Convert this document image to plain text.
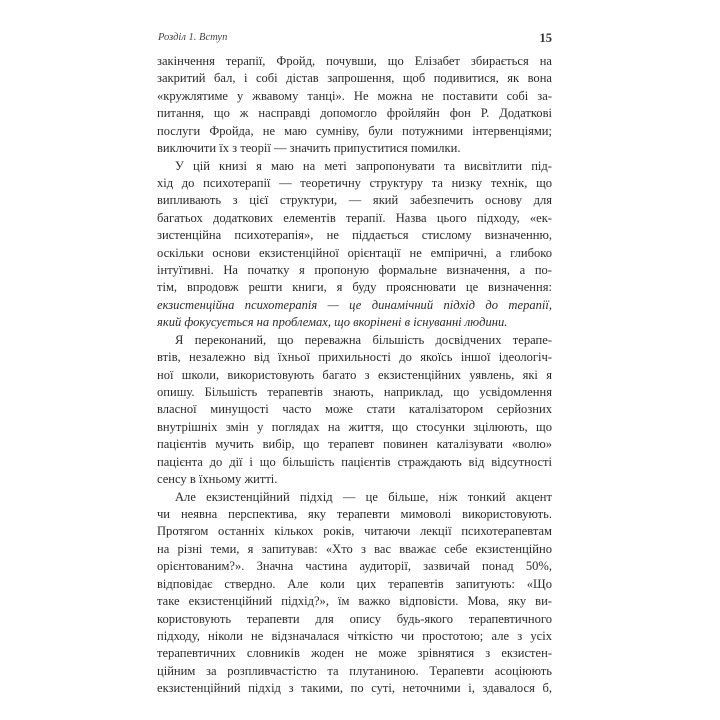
Розділ 1. Вступ	15
закінчення терапії, Фройд, почувши, що Елізабет збирається на
закритий бал, і собі дістав запрошення, щоб подивитися, як вона
«кружлятиме у жвавому танці». Не можна не поставити собі за-
питання, що ж насправді допомогло фройляйн фон Р. Додаткові
послуги Фройда, не маю сумніву, були потужними інтервенціями;
виключити їх з теорії — значить припуститися помилки.
У цій книзі я маю на меті запропонувати та висвітлити під-
хід до психотерапії — теоретичну структуру та низку технік, що
випливають з цієї структури, — який забезпечить основу для
багатьох додаткових елементів терапії. Назва цього підходу, «ек-
зистенційна психотерапія», не піддається стислому визначенню,
оскільки основи екзистенційної орієнтації не емпіричні, а глибоко
інтуїтивні. На початку я пропоную формальне визначення, а по-
тім, впродовж решти книги, я буду прояснювати це визначення:
екзистенційна психотерапія — це динамічний підхід до терапії,
який фокусується на проблемах, що вкорінені в існуванні людини.
Я переконаний, що переважна більшість досвідчених терапе-
втів, незалежно від їхньої прихильності до якоїсь іншої ідеологіч-
ної школи, використовують багато з екзистенційних уявлень, які я
опишу. Більшість терапевтів знають, наприклад, що усвідомлення
власної минущості часто може стати каталізатором серйозних
внутрішніх змін у поглядах на життя, що стосунки зцілюють, що
пацієнтів мучить вибір, що терапевт повинен каталізувати «волю»
пацієнта до дії і що більшість пацієнтів страждають від відсутності
сенсу в їхньому житті.
Але екзистенційний підхід — це більше, ніж тонкий акцент
чи неявна перспектива, яку терапевти мимоволі використовують.
Протягом останніх кількох років, читаючи лекції психотерапевтам
на різні теми, я запитував: «Хто з вас вважає себе екзистенційно
орієнтованим?». Значна частина аудиторії, зазвичай понад 50%,
відповідає ствердно. Але коли цих терапевтів запитують: «Що
таке екзистенційний підхід?», їм важко відповісти. Мова, яку ви-
користовують терапевти для опису будь-якого терапевтичного
підходу, ніколи не відзначалася чіткістю чи простотою; але з усіх
терапевтичних словників жоден не може зрівнятися з екзистен-
ційним за розпливчастістю та плутаниною. Терапевти асоціюють
екзистенційний підхід з такими, по суті, неточними і, здавалося б,
